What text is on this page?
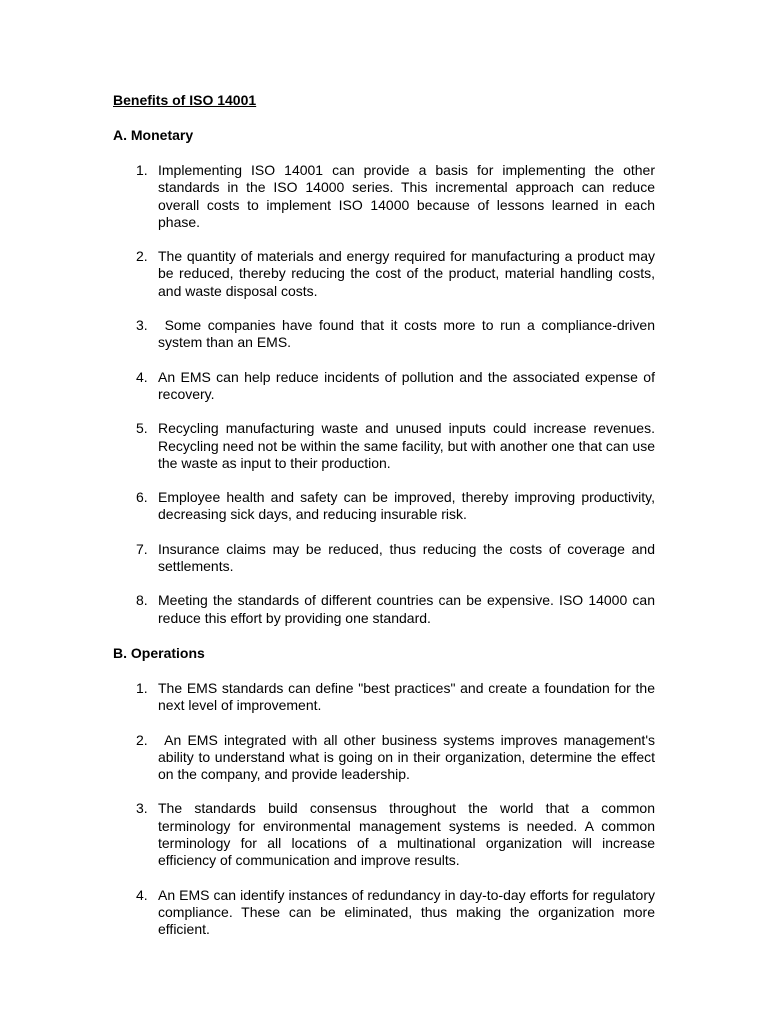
Benefits of ISO 14001
A. Monetary
1. Implementing ISO 14001 can provide a basis for implementing the other standards in the ISO 14000 series. This incremental approach can reduce overall costs to implement ISO 14000 because of lessons learned in each phase.
2. The quantity of materials and energy required for manufacturing a product may be reduced, thereby reducing the cost of the product, material handling costs, and waste disposal costs.
3. Some companies have found that it costs more to run a compliance-driven system than an EMS.
4. An EMS can help reduce incidents of pollution and the associated expense of recovery.
5. Recycling manufacturing waste and unused inputs could increase revenues. Recycling need not be within the same facility, but with another one that can use the waste as input to their production.
6. Employee health and safety can be improved, thereby improving productivity, decreasing sick days, and reducing insurable risk.
7. Insurance claims may be reduced, thus reducing the costs of coverage and settlements.
8. Meeting the standards of different countries can be expensive. ISO 14000 can reduce this effort by providing one standard.
B. Operations
1. The EMS standards can define "best practices" and create a foundation for the next level of improvement.
2. An EMS integrated with all other business systems improves management's ability to understand what is going on in their organization, determine the effect on the company, and provide leadership.
3. The standards build consensus throughout the world that a common terminology for environmental management systems is needed. A common terminology for all locations of a multinational organization will increase efficiency of communication and improve results.
4. An EMS can identify instances of redundancy in day-to-day efforts for regulatory compliance. These can be eliminated, thus making the organization more efficient.
